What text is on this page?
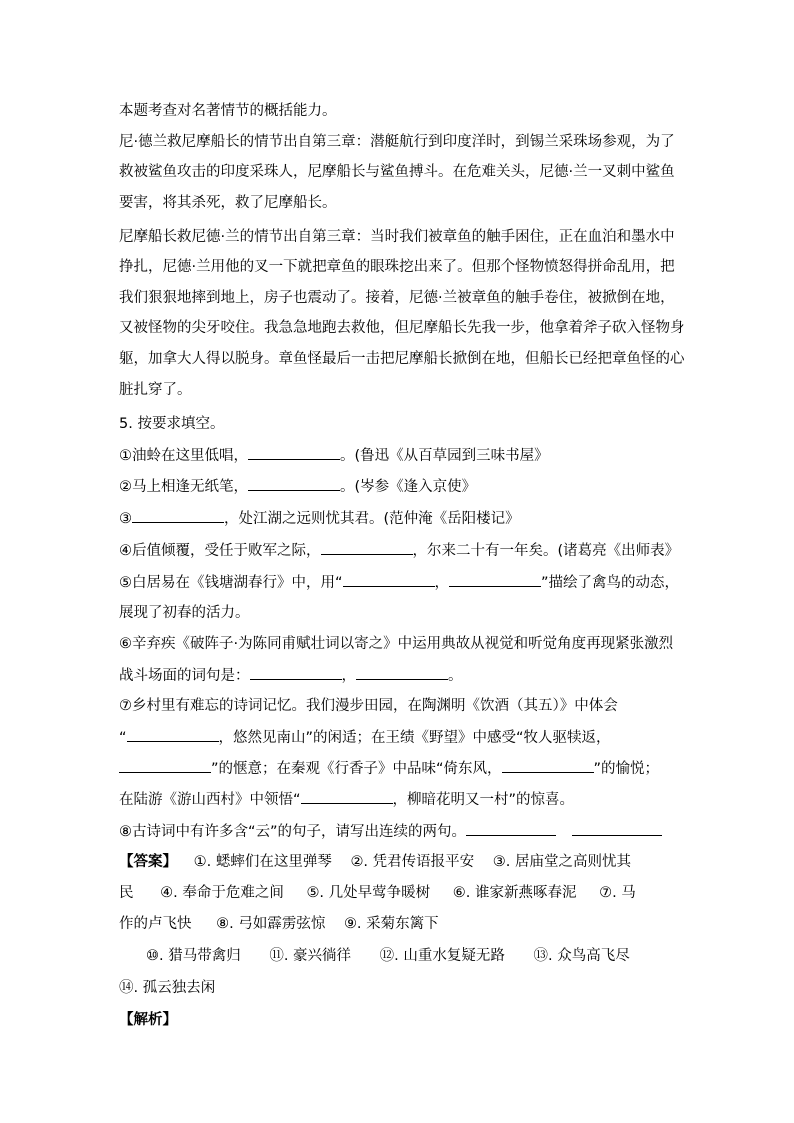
本题考查对名著情节的概括能力。
尼·德兰救尼摩船长的情节出自第三章：潜艇航行到印度洋时，到锡兰采珠场参观，为了
救被鲨鱼攻击的印度采珠人，尼摩船长与鲨鱼搏斗。在危难关头，尼德·兰一叉刺中鲨鱼
要害，将其杀死，救了尼摩船长。
尼摩船长救尼德·兰的情节出自第三章：当时我们被章鱼的触手困住，正在血泊和墨水中
挣扎，尼德·兰用他的叉一下就把章鱼的眼珠挖出来了。但那个怪物愤怒得拼命乱用，把
我们狠狠地摔到地上，房子也震动了。接着，尼德·兰被章鱼的触手卷住，被掀倒在地，
又被怪物的尖牙咬住。我急急地跑去救他，但尼摩船长先我一步，他拿着斧子砍入怪物身
躯，加拿大人得以脱身。章鱼怪最后一击把尼摩船长掀倒在地，但船长已经把章鱼怪的心
脏扎穿了。
5. 按要求填空。
①油蛉在这里低唱，	。(鲁迅《从百草园到三味书屋》
②马上相逢无纸笔，	。(岑参《逢入京使》
③	，处江湖之远则忧其君。(范仲淹《岳阳楼记》
④后值倾覆，受任于败军之际，	，尔来二十有一年矣。(诸葛亮《出师表》
⑤白居易在《钱塘湖春行》中，用“	，	”描绘了禽鸟的动态，
展现了初春的活力。
⑥辛弃疾《破阵子·为陈同甫赋壮词以寄之》中运用典故从视觉和听觉角度再现紧张激烈
战斗场面的词句是：	，	。
⑦乡村里有难忘的诗词记忆。我们漫步田园，在陶渊明《饮酒（其五）》中体会
“	，悠然见南山”的闲适；在王绩《野望》中感受“牧人驱犊返，
”的惬意；在秦观《行香子》中品味“倚东风，	”的愉悦；
在陆游《游山西村》中领悟“	，柳暗花明又一村”的惊喜。
⑧古诗词中有许多含“云”的句子，请写出连续的两句。
【答案】 ①. 蟋蟀们在这里弹琴 ②. 凭君传语报平安 ③. 居庙堂之高则忧其
民 ④. 奉命于危难之间 ⑤. 几处早莺争暖树 ⑥. 谁家新燕啄春泥 ⑦. 马
作的卢飞快 ⑧. 弓如霹雳弦惊 ⑨. 采菊东篱下
⑩. 猎马带禽归 ⑪. 豪兴徜徉 ⑫. 山重水复疑无路 ⑬. 众鸟高飞尽
⑭. 孤云独去闲
【解析】
